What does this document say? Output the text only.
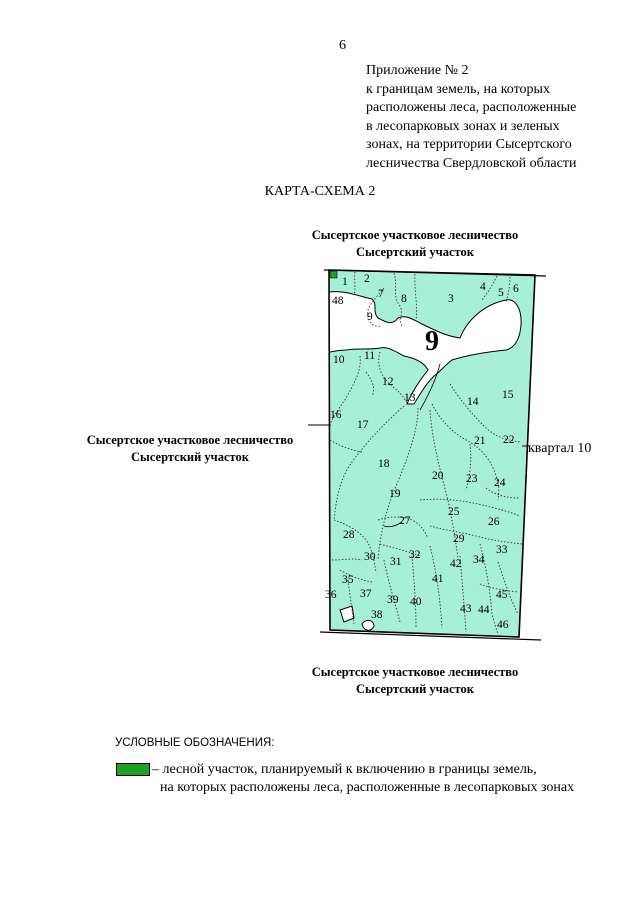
6
Приложение № 2
к границам земель, на которых
расположены леса, расположенные
в лесопарковых зонах и зеленых
зонах, на территории Сысертского
лесничества Свердловской области
КАРТА-СХЕМА 2
Сысертское участковое лесничество
Сысертский участок
Сысертское участковое лесничество
Сысертский участок
Сысертское участковое лесничество
Сысертский участок
квартал 10
9
1 2
3
4 5 6
7 8
9
10 11
12
13	14
15
16
17
18
19
20
21 22
23 24
25
26
27
28	29
30 31
32	33
34
35
36 37
38
39 40
41
42
43 44
45
46
48
УСЛОВНЫЕ ОБОЗНАЧЕНИЯ:
– лесной участок, планируемый к включению в границы земель,
на которых расположены леса, расположенные в лесопарковых зонах
